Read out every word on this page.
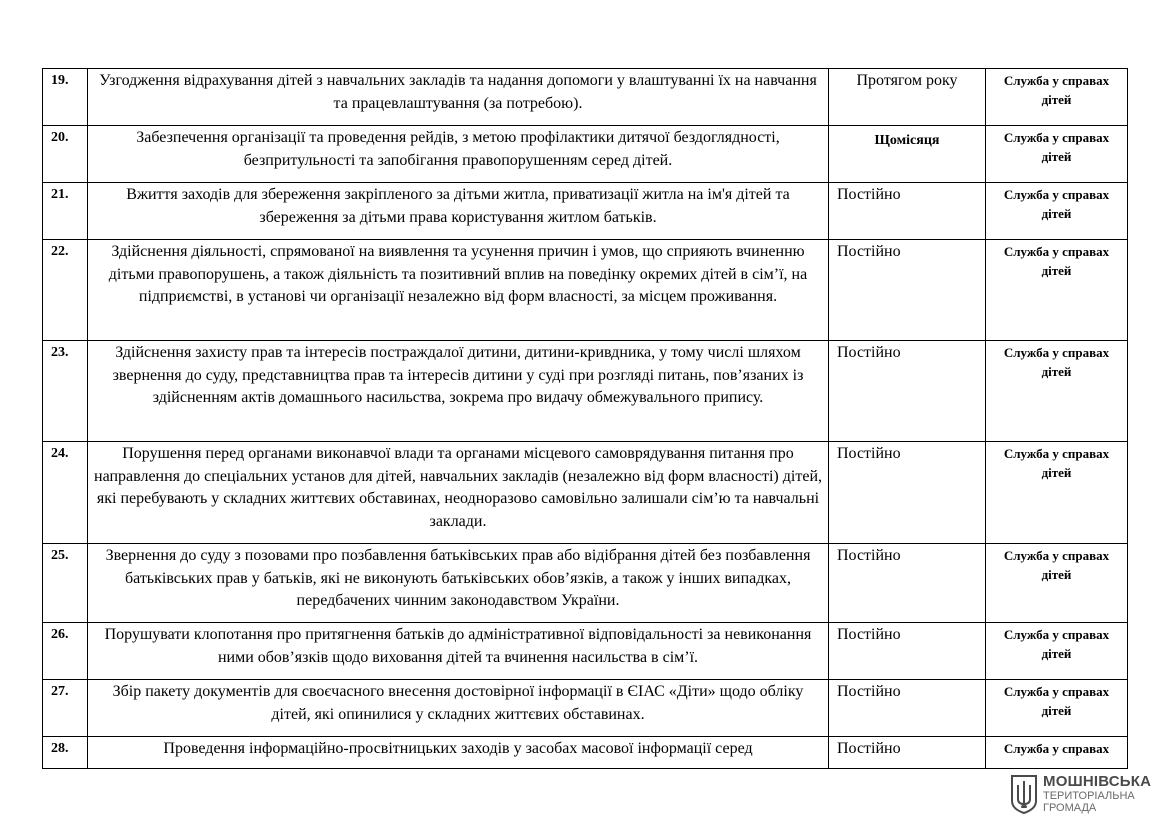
19.	Узгодження відрахування дітей з навчальних закладів та надання допомоги у влаштуванні їх на навчання та працевлаштування (за потребою).	Протягом року	Служба у справах дітей
20.	Забезпечення організації та проведення рейдів, з метою профілактики дитячої бездоглядності, безпритульності та запобігання правопорушенням серед дітей.	Щомісяця	Служба у справах дітей
21.	Вжиття заходів для збереження закріпленого за дітьми житла, приватизації житла на ім'я дітей та збереження за дітьми права користування житлом батьків.	Постійно	Служба у справах дітей
22.	Здійснення діяльності, спрямованої на виявлення та усунення причин і умов, що сприяють вчиненню дітьми правопорушень, а також діяльність та позитивний вплив на поведінку окремих дітей в сім’ї, на підприємстві, в установі чи організації незалежно від форм власності, за місцем проживання.	Постійно	Служба у справах дітей
23.	Здійснення захисту прав та інтересів постраждалої дитини, дитини-кривдника, у тому числі шляхом звернення до суду, представництва прав та інтересів дитини у суді при розгляді питань, пов’язаних із здійсненням актів домашнього насильства, зокрема про видачу обмежувального припису.	Постійно	Служба у справах дітей
24.	Порушення перед органами виконавчої влади та органами місцевого самоврядування питання про направлення до спеціальних установ для дітей, навчальних закладів (незалежно від форм власності) дітей, які перебувають у складних життєвих обставинах, неодноразово самовільно залишали сім’ю та навчальні заклади.	Постійно	Служба у справах дітей
25.	Звернення до суду з позовами про позбавлення батьківських прав або відібрання дітей без позбавлення батьківських прав у батьків, які не виконують батьківських обов’язків, а також у інших випадках, передбачених чинним законодавством України.	Постійно	Служба у справах дітей
26.	Порушувати клопотання про притягнення батьків до адміністративної відповідальності за невиконання ними обов’язків щодо виховання дітей та вчинення насильства в сім’ї.	Постійно	Служба у справах дітей
27.	Збір пакету документів для своєчасного внесення достовірної інформації в ЄІАС «Діти» щодо обліку дітей, які опинилися у складних життєвих обставинах.	Постійно	Служба у справах дітей
28.	Проведення інформаційно-просвітницьких заходів у засобах масової інформації серед	Постійно	Служба у справах
МОШНІВСЬКА
ТЕРИТОРІАЛЬНА
ГРОМАДА
